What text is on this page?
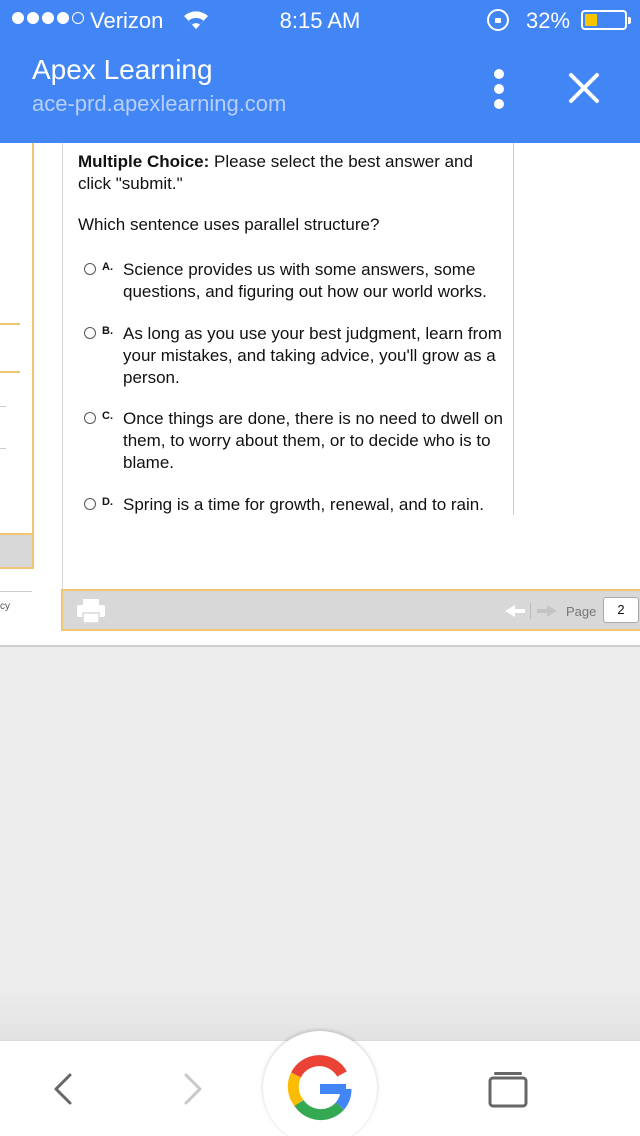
Verizon	8:15 AM	32%
Apex Learning
ace-prd.apexlearning.com
cy
Multiple Choice: Please select the best answer and click "submit."
Which sentence uses parallel structure?
A. Science provides us with some answers, some questions, and figuring out how our world works.
B. As long as you use your best judgment, learn from your mistakes, and taking advice, you'll grow as a person.
C. Once things are done, there is no need to dwell on them, to worry about them, or to decide who is to blame.
D. Spring is a time for growth, renewal, and to rain.
Page	2
